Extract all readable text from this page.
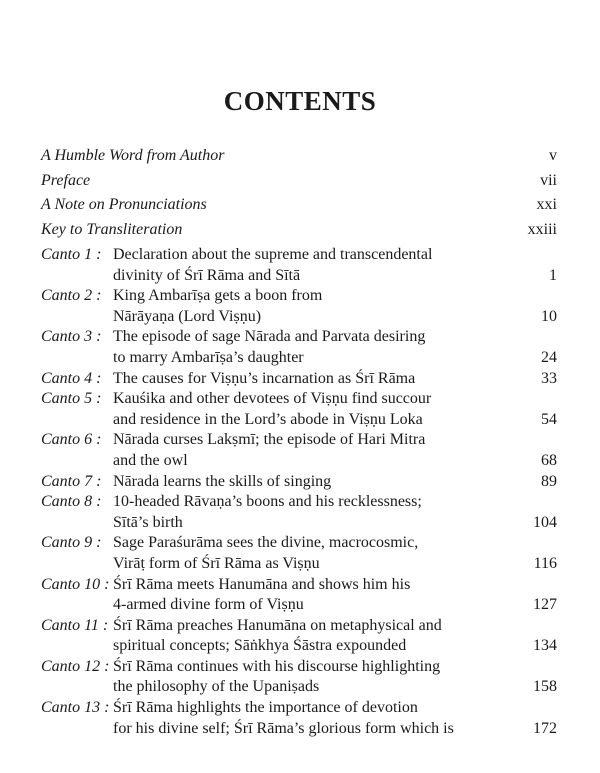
CONTENTS
A Humble Word from Author	v
Preface	vii
A Note on Pronunciations	xxi
Key to Transliteration	xxiii
Canto 1 : Declaration about the supreme and transcendental
divinity of Śrī Rāma and Sītā	1
Canto 2 : King Ambarīṣa gets a boon from
Nārāyaṇa (Lord Viṣṇu)	10
Canto 3 : The episode of sage Nārada and Parvata desiring
to marry Ambarīṣa’s daughter	24
Canto 4 : The causes for Viṣṇu’s incarnation as Śrī Rāma	33
Canto 5 : Kauśika and other devotees of Viṣṇu find succour
and residence in the Lord’s abode in Viṣṇu Loka	54
Canto 6 : Nārada curses Lakṣmī; the episode of Hari Mitra
and the owl	68
Canto 7 : Nārada learns the skills of singing	89
Canto 8 : 10-headed Rāvaṇa’s boons and his recklessness;
Sītā’s birth	104
Canto 9 : Sage Paraśurāma sees the divine, macrocosmic,
Virāṭ form of Śrī Rāma as Viṣṇu	116
Canto 10 : Śrī Rāma meets Hanumāna and shows him his
4-armed divine form of Viṣṇu	127
Canto 11 : Śrī Rāma preaches Hanumāna on metaphysical and
spiritual concepts; Sāṅkhya Śāstra expounded	134
Canto 12 : Śrī Rāma continues with his discourse highlighting
the philosophy of the Upaniṣads	158
Canto 13 : Śrī Rāma highlights the importance of devotion
for his divine self; Śrī Rāma’s glorious form which is	172
